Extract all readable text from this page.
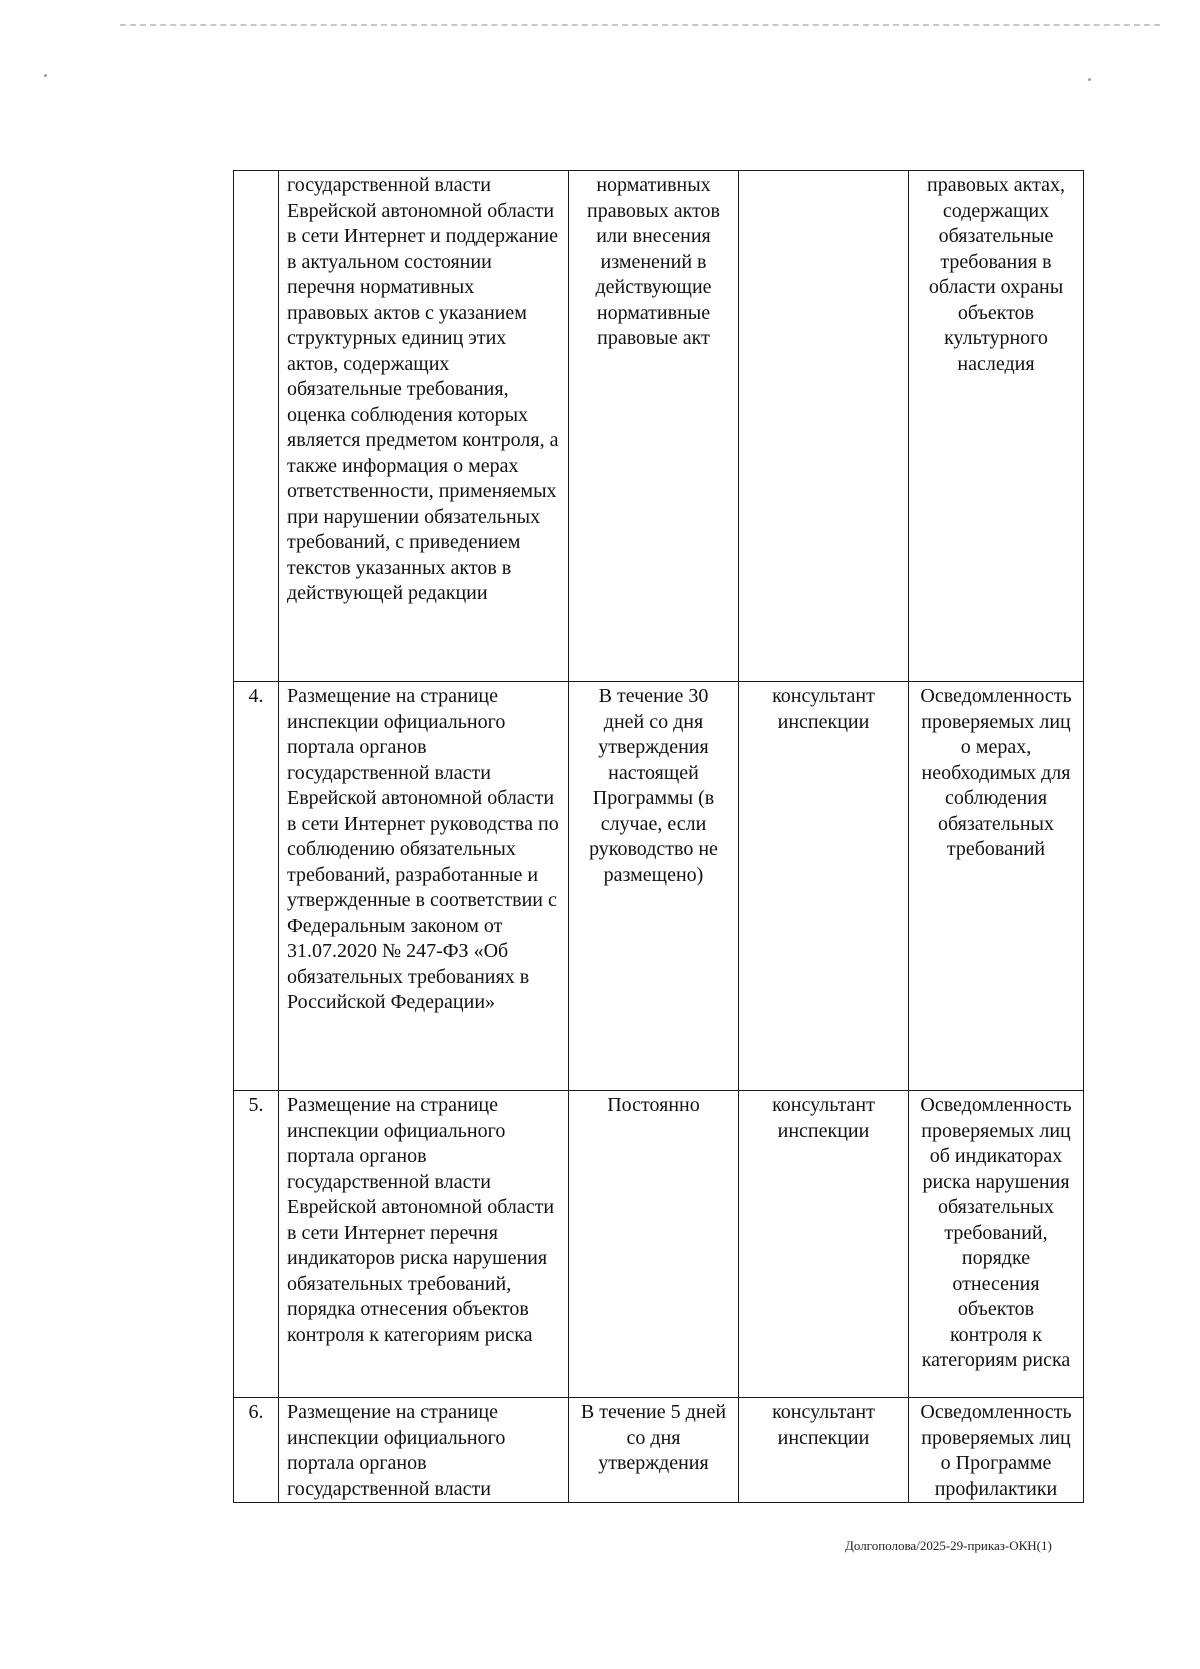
	государственной власти Еврейской автономной области в сети Интернет и поддержание в актуальном состоянии перечня нормативных правовых актов с указанием структурных единиц этих актов, содержащих обязательные требования, оценка соблюдения которых является предметом контроля, а также информация о мерах ответственности, применяемых при нарушении обязательных требований, с приведением текстов указанных актов в действующей редакции	нормативных правовых актов или внесения изменений в действующие нормативные правовые акт		правовых актах, содержащих обязательные требования в области охраны объектов культурного наследия
4.	Размещение на странице инспекции официального портала органов государственной власти Еврейской автономной области в сети Интернет руководства по соблюдению обязательных требований, разработанные и утвержденные в соответствии с Федеральным законом от 31.07.2020 № 247-ФЗ «Об обязательных требованиях в Российской Федерации»	В течение 30 дней со дня утверждения настоящей Программы (в случае, если руководство не размещено)	консультант инспекции	Осведомленность проверяемых лиц о мерах, необходимых для соблюдения обязательных требований
5.	Размещение на странице инспекции официального портала органов государственной власти Еврейской автономной области в сети Интернет перечня индикаторов риска нарушения обязательных требований, порядка отнесения объектов контроля к категориям риска	Постоянно	консультант инспекции	Осведомленность проверяемых лиц об индикаторах риска нарушения обязательных требований, порядке отнесения объектов контроля к категориям риска
6.	Размещение на странице инспекции официального портала органов государственной власти	В течение 5 дней со дня утверждения	консультант инспекции	Осведомленность проверяемых лиц о Программе профилактики
Долгополова/2025-29-приказ-ОКН(1)
